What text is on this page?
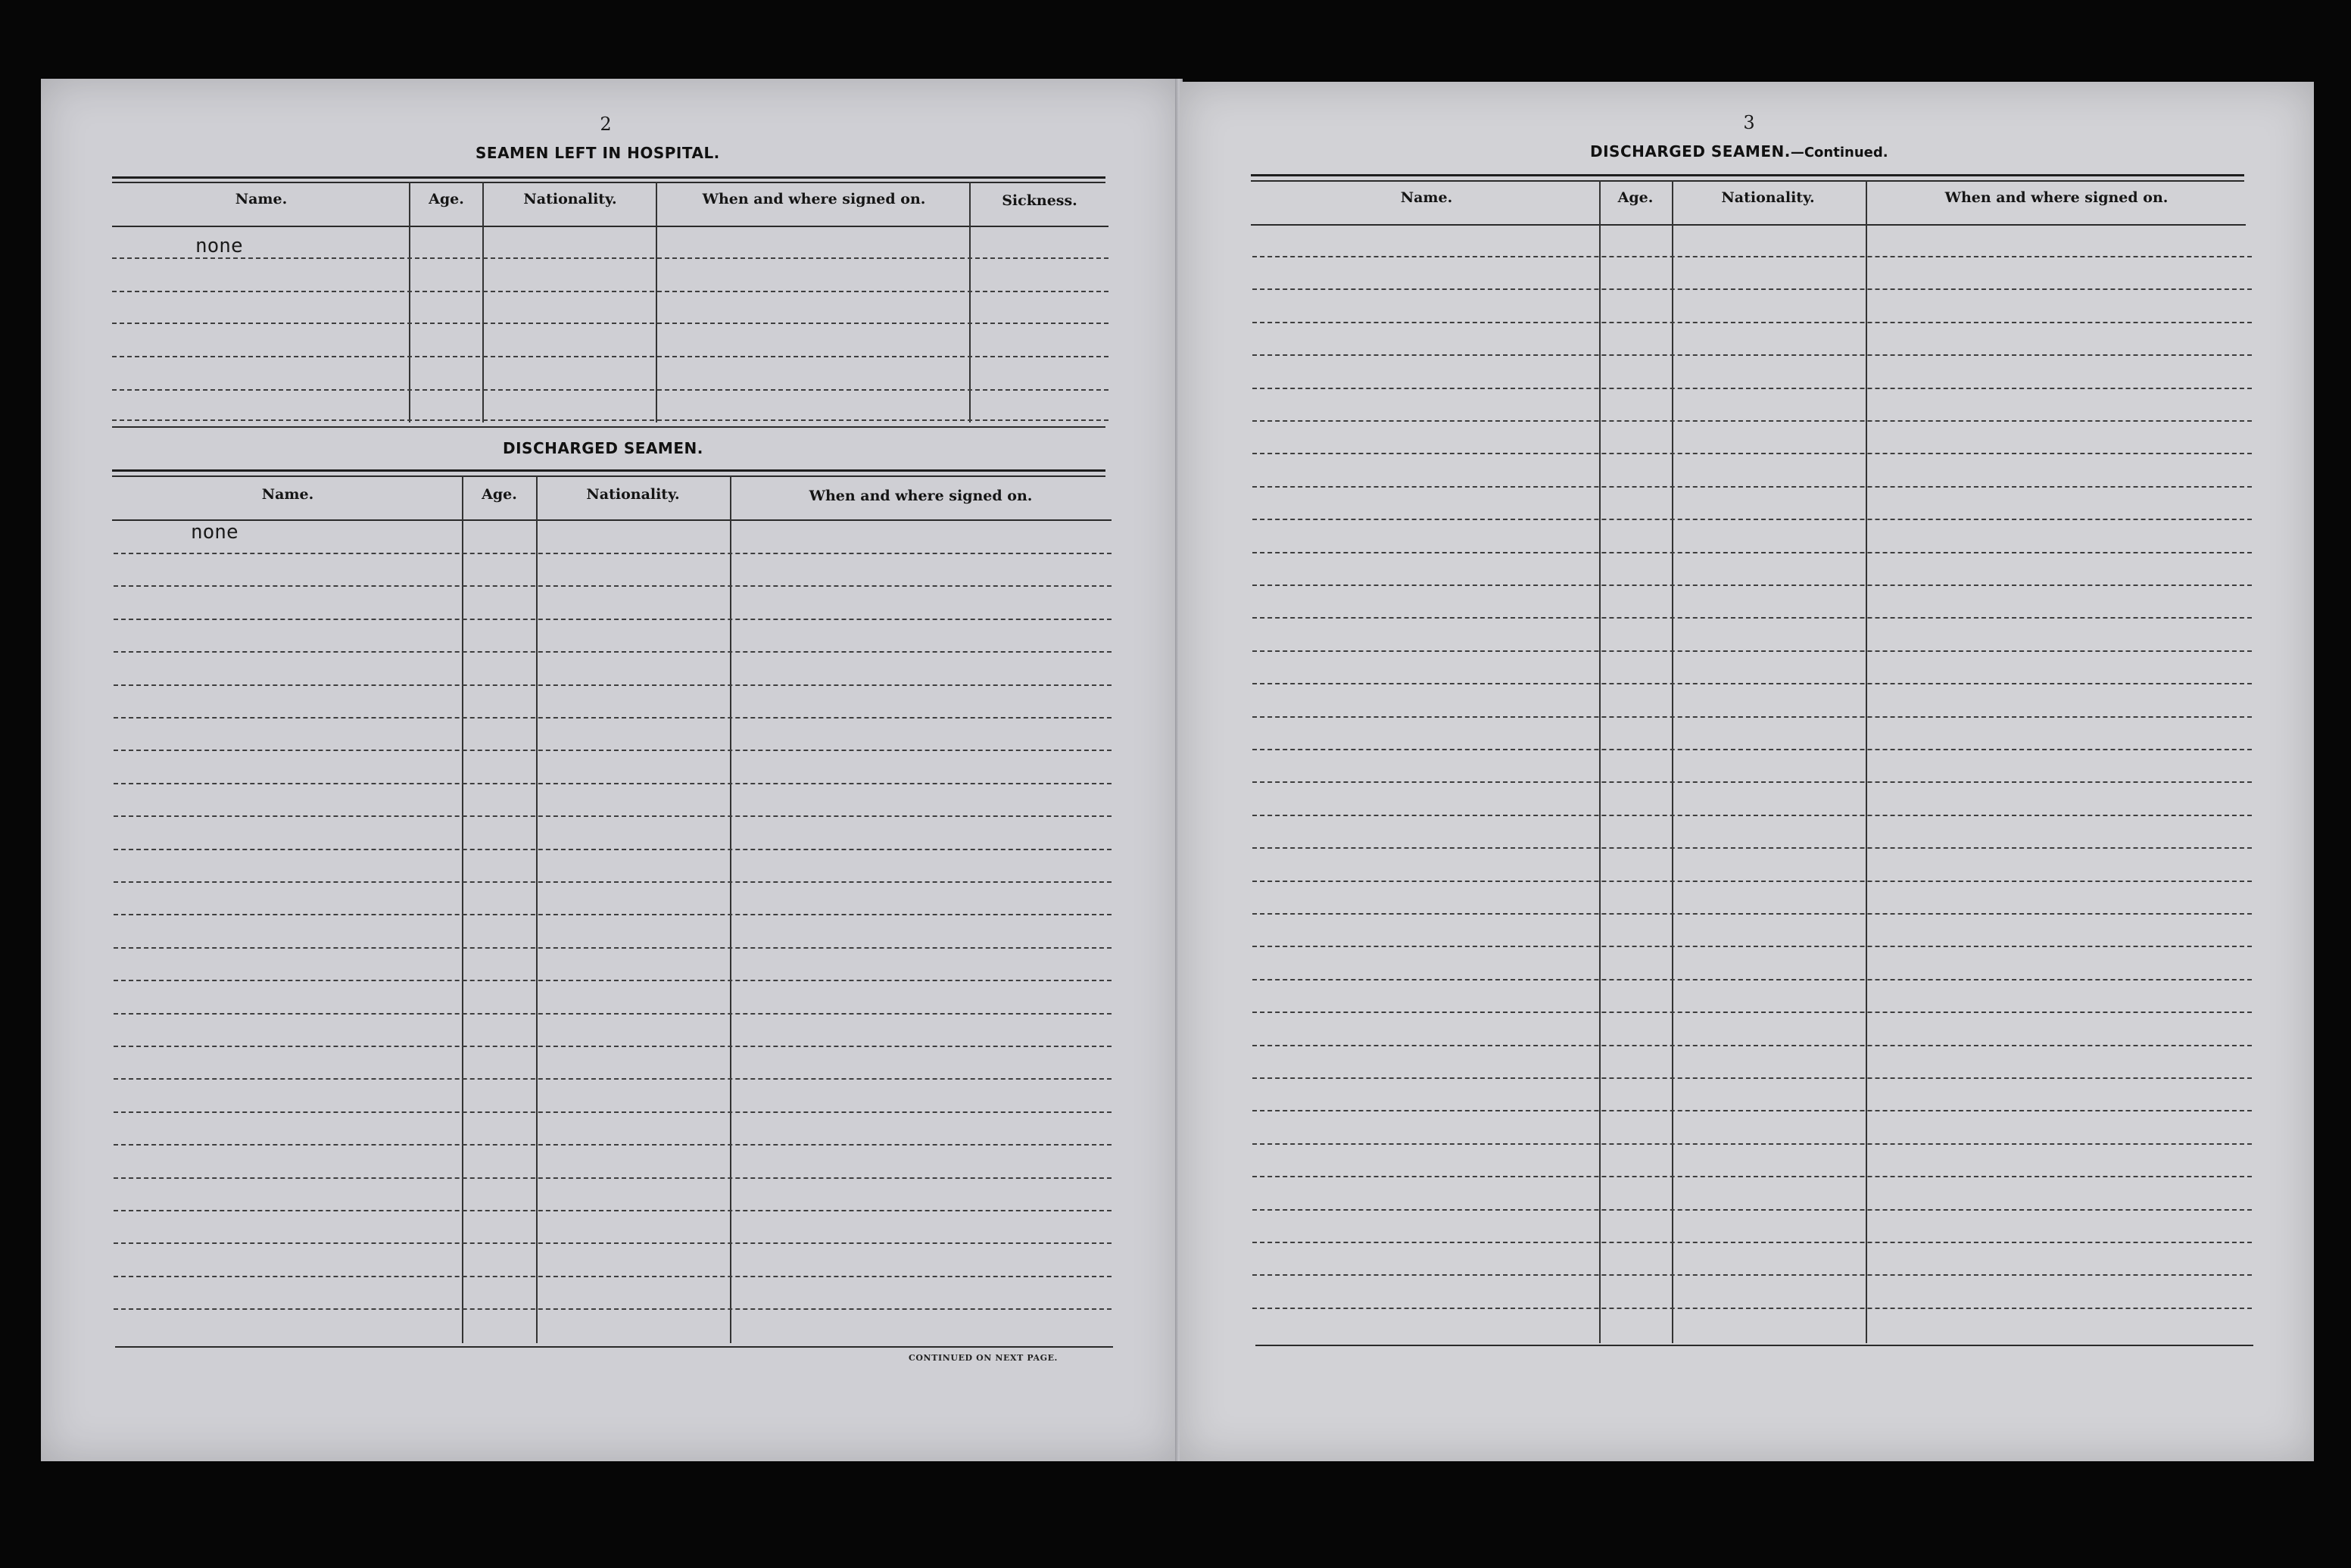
2
SEAMEN LEFT IN HOSPITAL.
Name.	Age.	Nationality.	When and where signed on.	Sickness.
none
DISCHARGED SEAMEN.
Name.	Age.	Nationality.	When and where signed on.
none
CONTINUED ON NEXT PAGE.
3
DISCHARGED SEAMEN.—Continued.
Name.	Age.	Nationality.	When and where signed on.
